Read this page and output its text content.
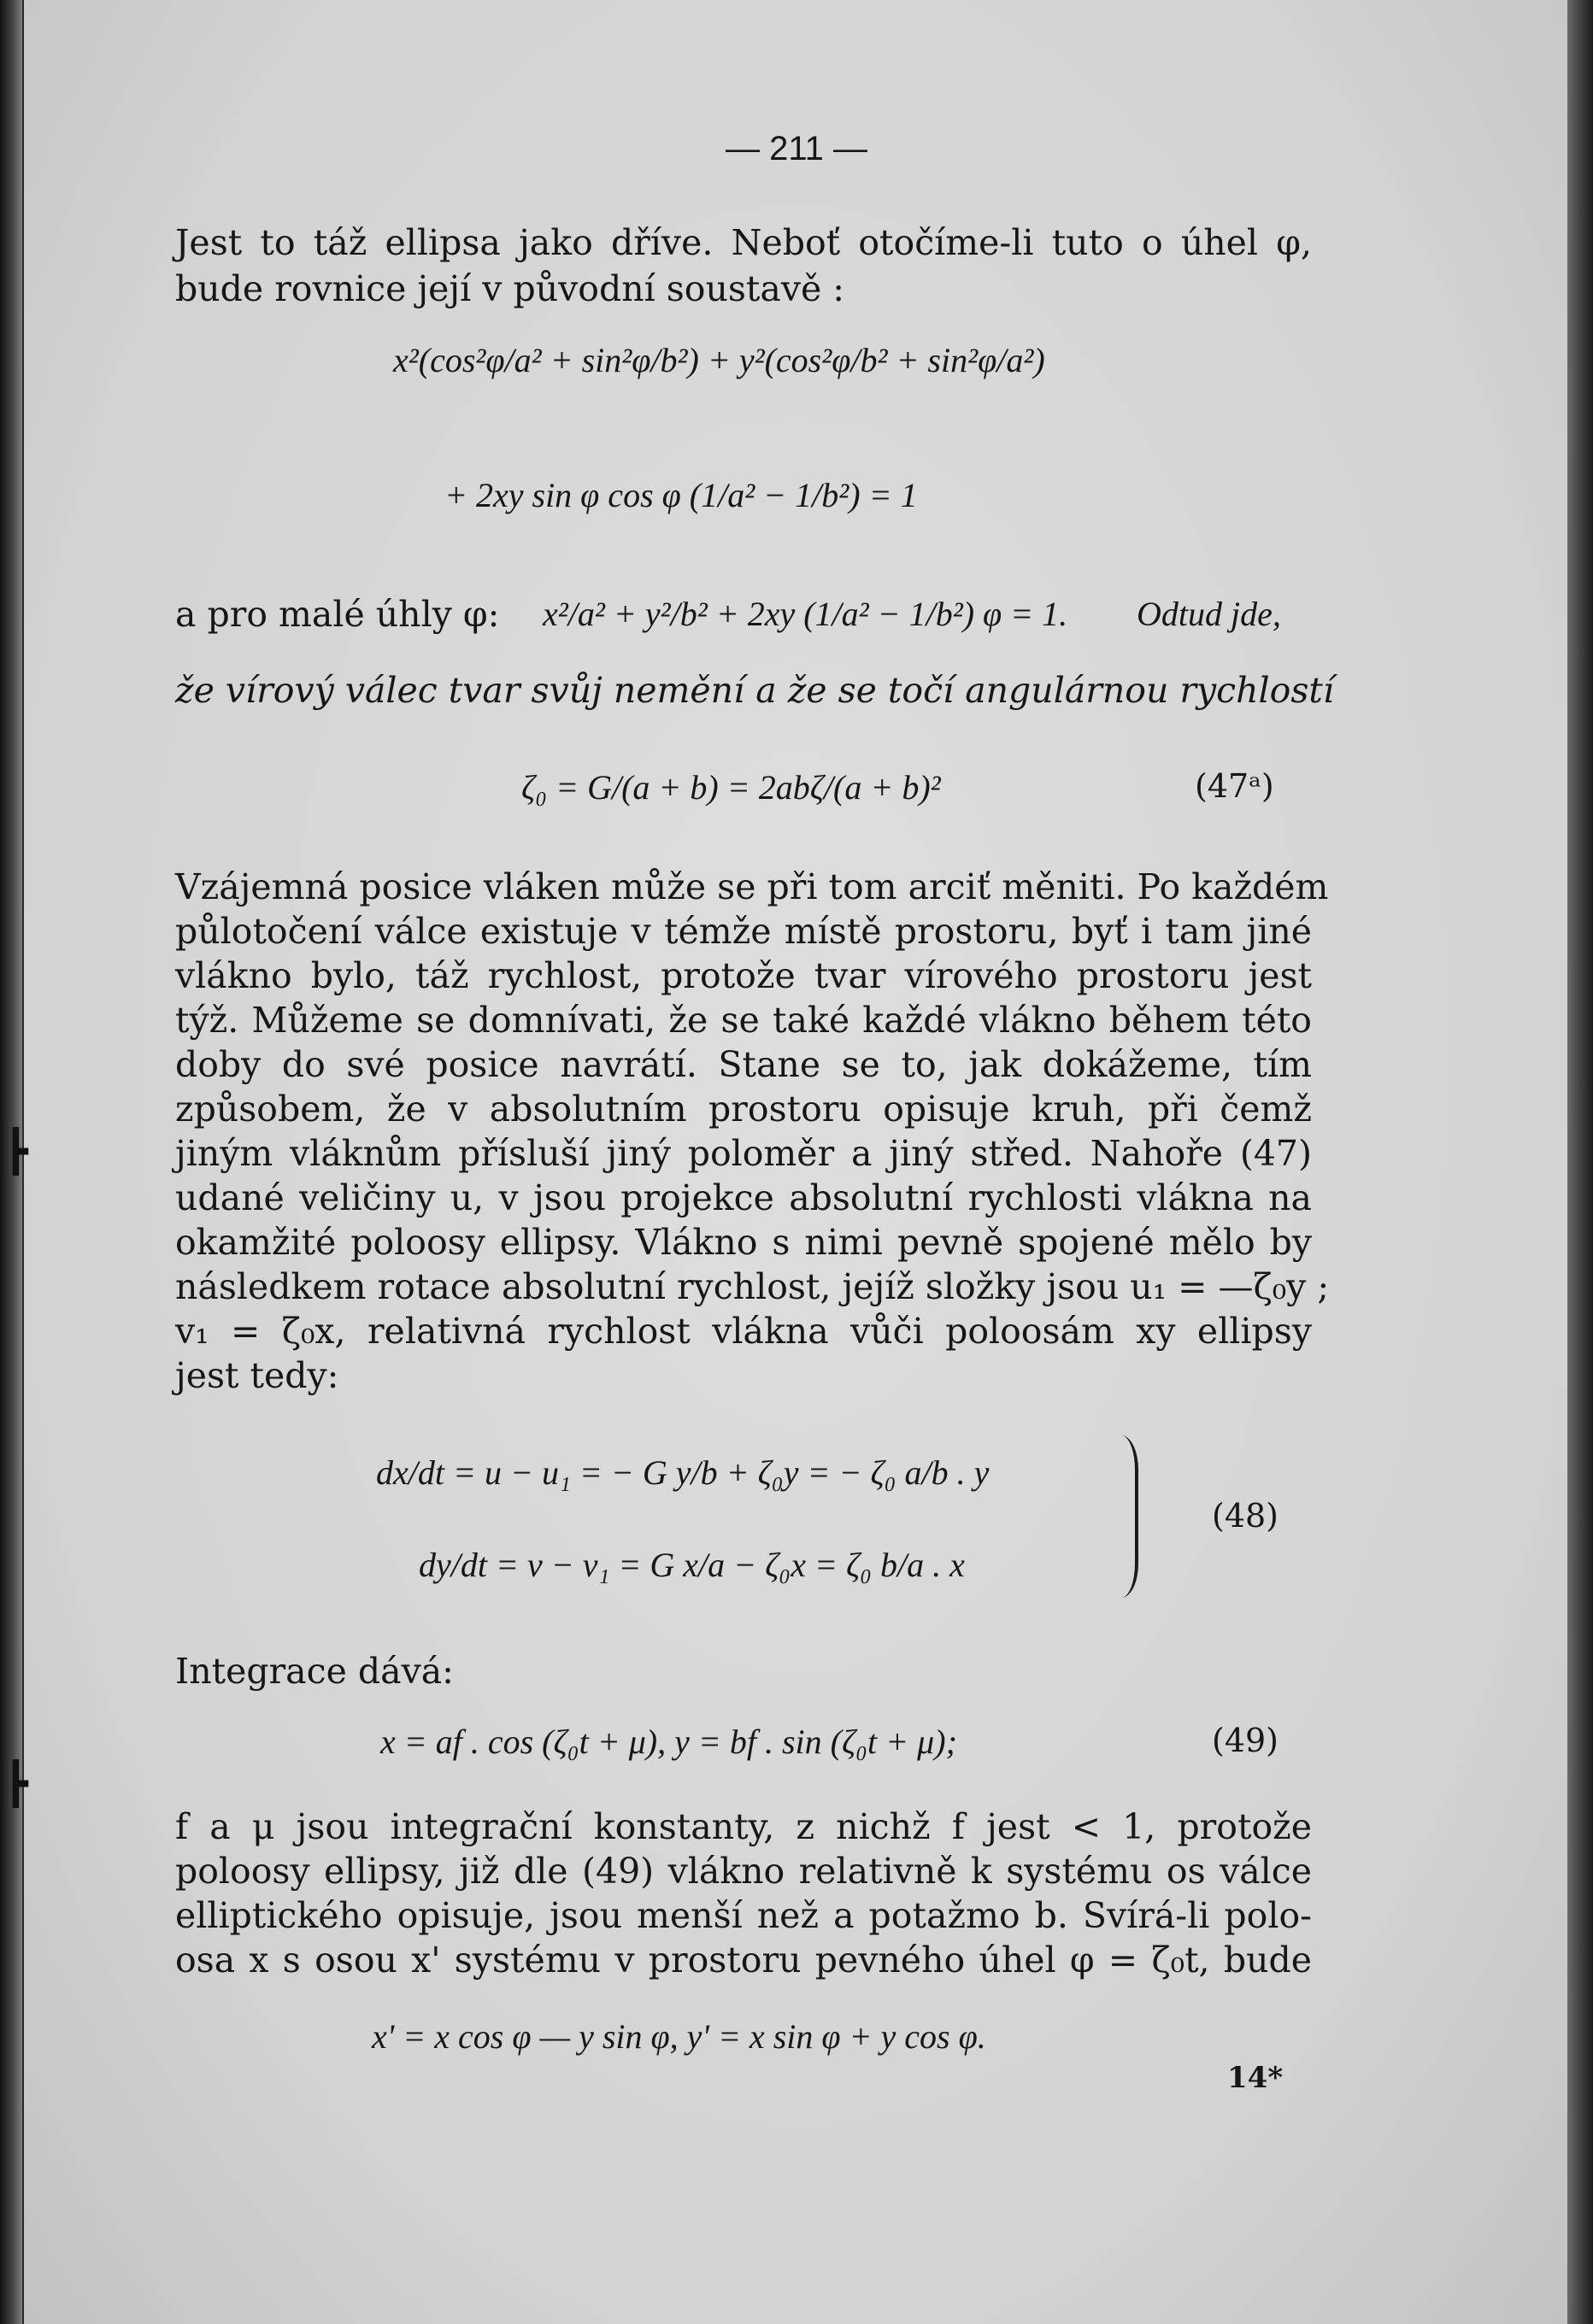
— 211 —
Jest to táž ellipsa jako dříve. Neboť otočíme-li tuto o úhel φ,
bude rovnice její v původní soustavě :
x²(cos²φ/a² + sin²φ/b²) + y²(cos²φ/b² + sin²φ/a²)
+ 2xy sin φ cos φ (1/a² − 1/b²) = 1
a pro malé úhly φ: x²/a² + y²/b² + 2xy (1/a² − 1/b²) φ = 1. Odtud jde,
že vírový válec tvar svůj nemění a že se točí angulárnou rychlostí
ζ₀ = G/(a + b) = 2abζ/(a + b)²	(47ᵃ)
Vzájemná posice vláken může se při tom arciť měniti. Po každém
půlotočení válce existuje v témže místě prostoru, byť i tam jiné
vlákno bylo, táž rychlost, protože tvar vírového prostoru jest
týž. Můžeme se domnívati, že se také každé vlákno během této
doby do své posice navrátí. Stane se to, jak dokážeme, tím
způsobem, že v absolutním prostoru opisuje kruh, při čemž
jiným vláknům přísluší jiný poloměr a jiný střed. Nahoře (47)
udané veličiny u, v jsou projekce absolutní rychlosti vlákna na
okamžité poloosy ellipsy. Vlákno s nimi pevně spojené mělo by
následkem rotace absolutní rychlost, jejíž složky jsou u₁ = —ζ₀y ;
v₁ = ζ₀x, relativná rychlost vlákna vůči poloosám xy ellipsy
jest tedy:
dx/dt = u − u₁ = − G y/b + ζ₀y = − ζ₀ a/b . y
dy/dt = v − v₁ = G x/a − ζ₀x = ζ₀ b/a . x
(48)
Integrace dává:
x = af . cos (ζ₀t + μ), y = bf . sin (ζ₀t + μ);	(49)
f a μ jsou integrační konstanty, z nichž f jest < 1, protože
poloosy ellipsy, již dle (49) vlákno relativně k systému os válce
elliptického opisuje, jsou menší než a potažmo b. Svírá-li polo-
osa x s osou x' systému v prostoru pevného úhel φ = ζ₀t, bude
x' = x cos φ — y sin φ, y' = x sin φ + y cos φ.
14*
┣
┣
